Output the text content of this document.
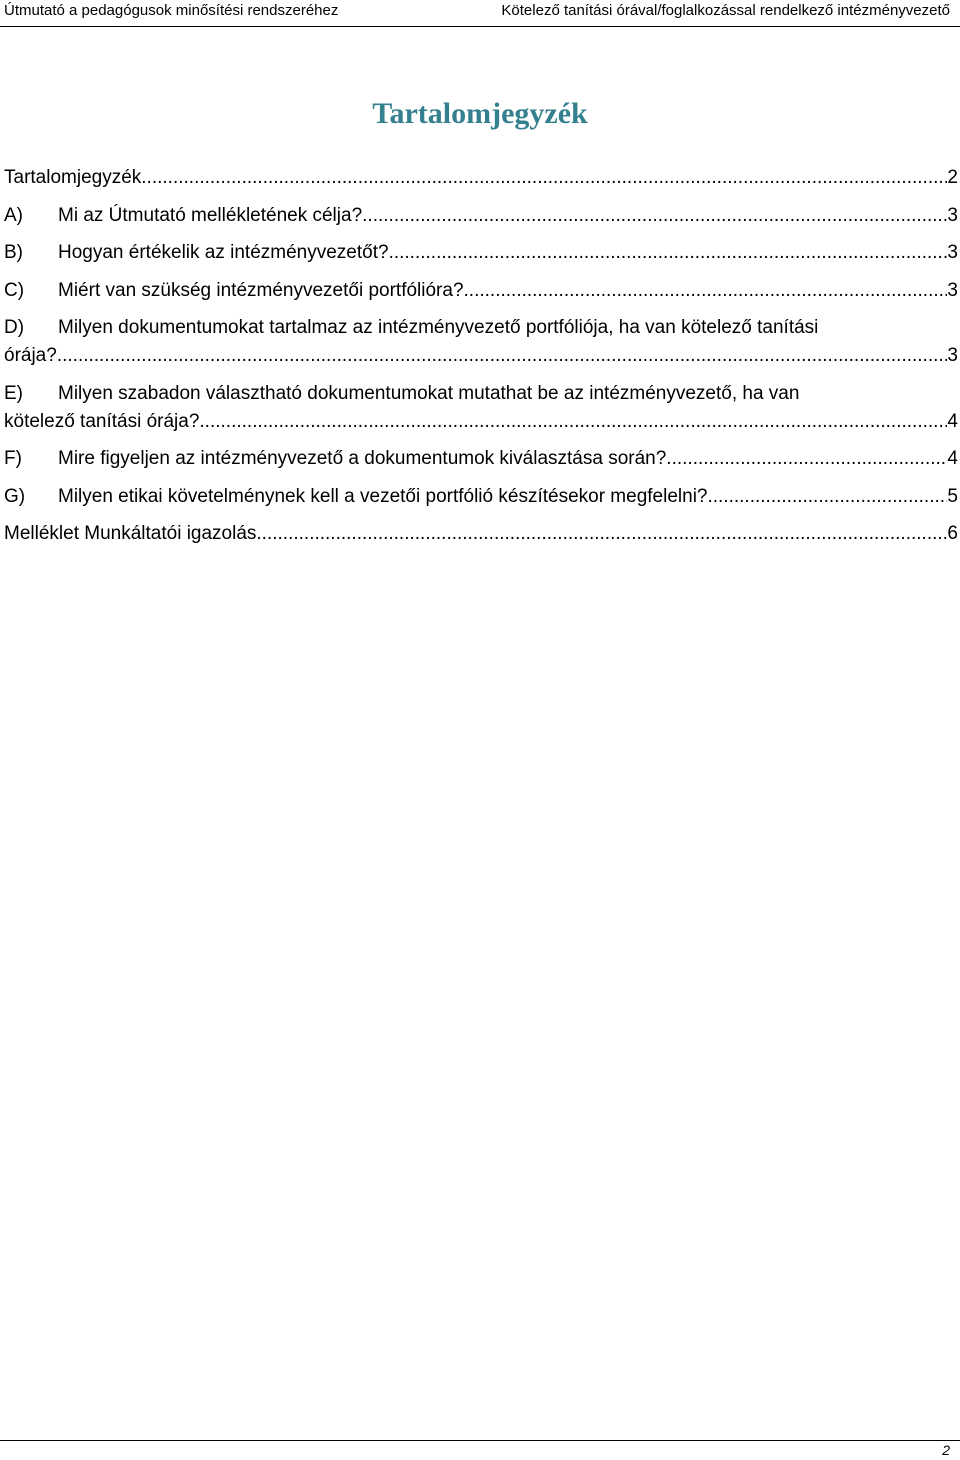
Útmutató a pedagógusok minősítési rendszeréhez	Kötelező tanítási órával/foglalkozással rendelkező intézményvezető
Tartalomjegyzék
Tartalomjegyzék .....	2
A) Mi az Útmutató mellékletének célja? .....	3
B) Hogyan értékelik az intézményvezetőt? .....	3
C) Miért van szükség intézményvezetői portfólióra? .....	3
D) Milyen dokumentumokat tartalmaz az intézményvezető portfóliója, ha van kötelező tanítási
órája? .....	3
E) Milyen szabadon választható dokumentumokat mutathat be az intézményvezető, ha van
kötelező tanítási órája? .....	4
F) Mire figyeljen az intézményvezető a dokumentumok kiválasztása során? .....	4
G) Milyen etikai követelménynek kell a vezetői portfólió készítésekor megfelelni? .....	5
Melléklet Munkáltatói igazolás .....	6
2
